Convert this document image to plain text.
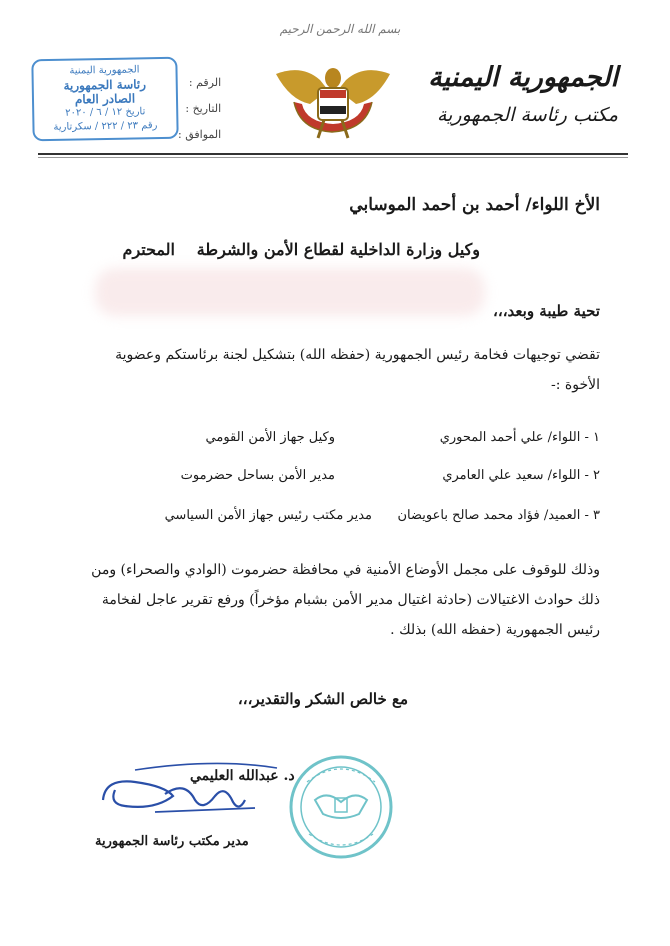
بسم الله الرحمن الرحيم
الجمهورية اليمنية
مكتب رئاسة الجمهورية
الرقم :
التاريخ :
الموافق :
الجمهورية اليمنية
رئاسة الجمهورية
الصادر العام
تاريخ ١٢ / ٦ / ٢٠٢٠
رقم ٢٣ / ٢٢٢ / سكرتارية
الأخ اللواء/ أحمد بن أحمد الموسابي
وكيل وزارة الداخلية لقطاع الأمن والشرطة
المحترم
تحية طيبة وبعد،،،
تقضي توجيهات فخامة رئيس الجمهورية (حفظه الله) بتشكيل لجنة برئاستكم وعضوية الأخوة :-
١ - اللواء/ علي أحمد المحوري
وكيل جهاز الأمن القومي
٢ - اللواء/ سعيد علي العامري
مدير الأمن بساحل حضرموت
٣ - العميد/ فؤاد محمد صالح باعويضان
مدير مكتب رئيس جهاز الأمن السياسي
وذلك للوقوف على مجمل الأوضاع الأمنية في محافظة حضرموت (الوادي والصحراء) ومن ذلك حوادث الاغتيالات (حادثة اغتيال مدير الأمن بشبام مؤخراً) ورفع تقرير عاجل لفخامة رئيس الجمهورية (حفظه الله) بذلك .
مع خالص الشكر والتقدير،،،
د. عبدالله العليمي
مدير مكتب رئاسة الجمهورية
